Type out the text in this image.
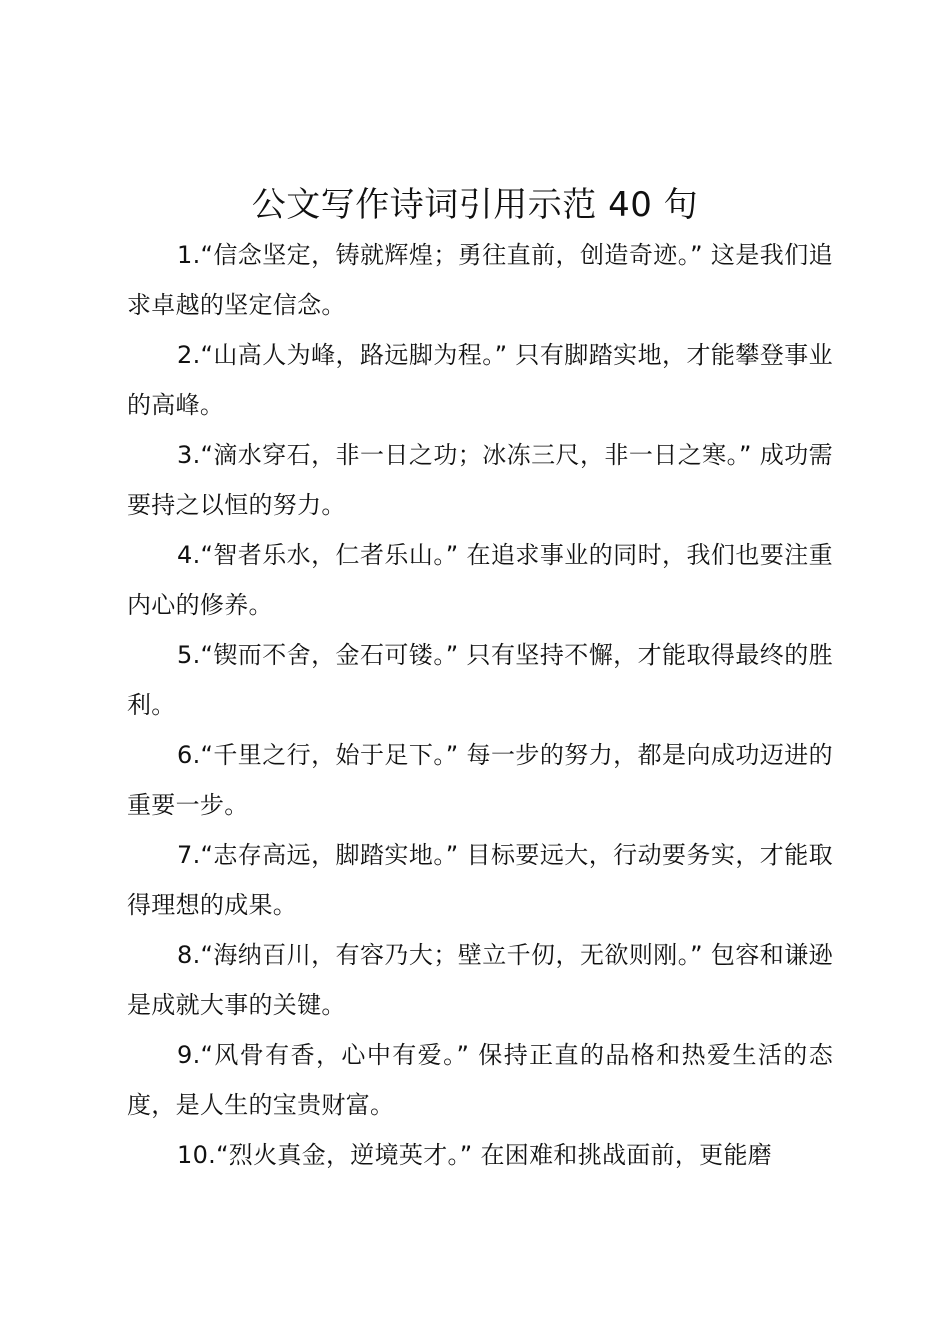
公文写作诗词引用示范 40 句

1.“信念坚定，铸就辉煌；勇往直前，创造奇迹。” 这是我们追求卓越的坚定信念。

2.“山高人为峰，路远脚为程。” 只有脚踏实地，才能攀登事业的高峰。

3.“滴水穿石，非一日之功；冰冻三尺，非一日之寒。” 成功需要持之以恒的努力。

4.“智者乐水，仁者乐山。” 在追求事业的同时，我们也要注重内心的修养。

5.“锲而不舍，金石可镂。” 只有坚持不懈，才能取得最终的胜利。

6.“千里之行，始于足下。” 每一步的努力，都是向成功迈进的重要一步。

7.“志存高远，脚踏实地。” 目标要远大，行动要务实，才能取得理想的成果。

8.“海纳百川，有容乃大；壁立千仞，无欲则刚。” 包容和谦逊是成就大事的关键。

9.“风骨有香，心中有爱。” 保持正直的品格和热爱生活的态度，是人生的宝贵财富。

10.“烈火真金，逆境英才。” 在困难和挑战面前，更能磨
